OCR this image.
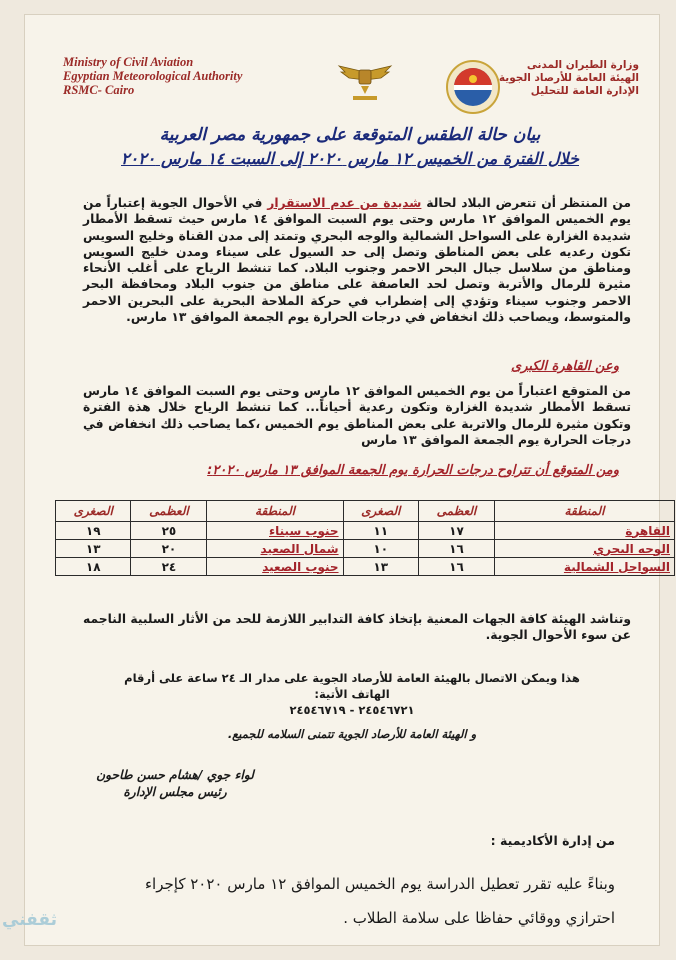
Ministry of Civil Aviation
Egyptian Meteorological Authority
RSMC- Cairo
وزارة الطيران المدنى
الهيئة العامة للأرصاد الجوية
الإدارة العامة للتحليل
بيان حالة الطقس المتوقعة على جمهورية مصر العربية
خلال الفترة من الخميس ١٢ مارس ٢٠٢٠ إلى السبت ١٤ مارس ٢٠٢٠
من المنتظر أن تتعرض البلاد لحالة شديدة من عدم الاستقرار في الأحوال الجوية إعتباراً من يوم الخميس الموافق ١٢ مارس وحتى يوم السبت الموافق ١٤ مارس حيث تسقط الأمطار شديدة الغزارة على السواحل الشمالية والوجه البحري وتمتد إلى مدن القناة وخليج السويس تكون رعديه على بعض المناطق وتصل إلى حد السيول على سيناء ومدن خليج السويس ومناطق من سلاسل جبال البحر الاحمر وجنوب البلاد. كما تنشط الرياح على أغلب الأنحاء مثيرة للرمال والأتربة وتصل لحد العاصفة على مناطق من جنوب البلاد ومحافظة البحر الاحمر وجنوب سيناء وتؤدي إلى إضطراب في حركة الملاحة البحرية على البحرين الاحمر والمتوسط، ويصاحب ذلك انخفاض في درجات الحرارة يوم الجمعة الموافق ١٣ مارس.
وعن القاهرة الكبرى
من المتوقع اعتباراً من يوم الخميس الموافق ١٢ مارس وحتى يوم السبت الموافق ١٤ مارس تسقط الأمطار شديدة الغزارة وتكون رعدية أحياناً... كما تنشط الرياح خلال هذة الفترة وتكون مثيرة للرمال والاتربة على بعض المناطق يوم الخميس ،كما يصاحب ذلك انخفاض في درجات الحرارة يوم الجمعة الموافق ١٣ مارس
ومن المتوقع أن تتراوح درجات الحرارة يوم الجمعة الموافق ١٣ مارس ٢٠٢٠:
المنطقة	العظمى	الصغرى	المنطقة	العظمى	الصغرى
القاهرة	١٧	١١	جنوب سيناء	٢٥	١٩
الوجه البحري	١٦	١٠	شمال الصعيد	٢٠	١٣
السواحل الشمالية	١٦	١٣	جنوب الصعيد	٢٤	١٨
وتناشد الهيئة كافة الجهات المعنية بإتخاذ كافة التدابير اللازمة للحد من الأثار السلبية الناجمه عن سوء الأحوال الجوية.
هذا ويمكن الاتصال بالهيئة العامة للأرصاد الجوية على مدار الـ ٢٤ ساعة على أرقام الهاتف الأتية:
٢٤٥٤٦٧٢١ - ٢٤٥٤٦٧١٩
و الهيئة العامة للأرصاد الجوية تتمنى السلامه للجميع.
لواء جوي /هشام حسن طاحون
رئيس مجلس الإدارة
من إدارة الأكاديمية :
وبناءً عليه تقرر تعطيل الدراسة يوم الخميس الموافق ١٢ مارس ٢٠٢٠ كإجراء احترازي ووقائي حفاظا على سلامة الطلاب .
ثقفني
